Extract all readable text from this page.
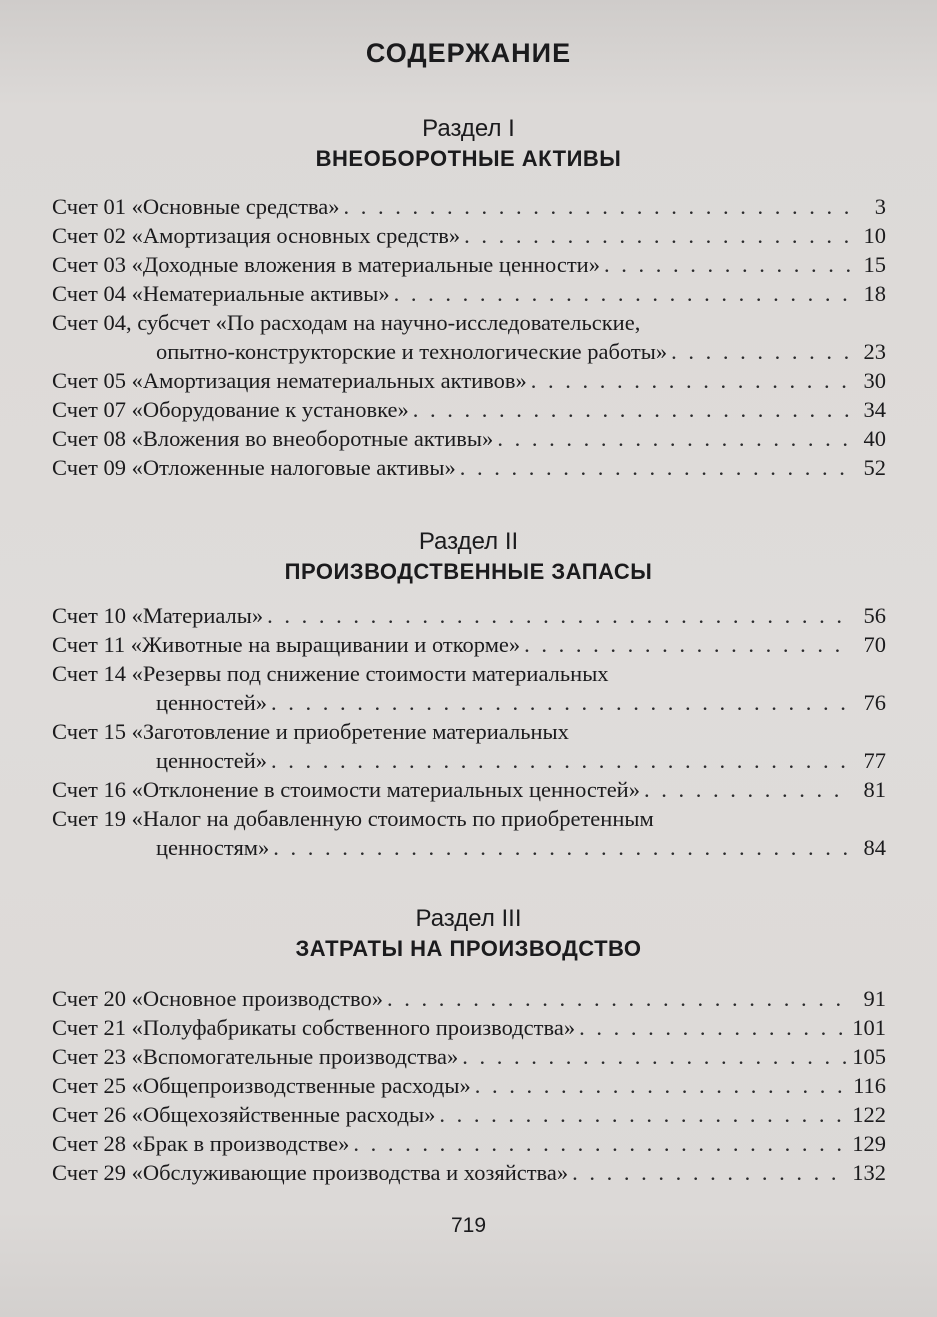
СОДЕРЖАНИЕ
Раздел I
ВНЕОБОРОТНЫЕ АКТИВЫ
Счет 01 «Основные средства» . . .	3
Счет 02 «Амортизация основных средств» . . .	10
Счет 03 «Доходные вложения в материальные ценности» . . .	15
Счет 04 «Нематериальные активы» . . .	18
Счет 04, субсчет «По расходам на научно-исследовательские,
опытно-конструкторские и технологические работы» . . .	23
Счет 05 «Амортизация нематериальных активов» . . .	30
Счет 07 «Оборудование к установке» . . .	34
Счет 08 «Вложения во внеоборотные активы» . . .	40
Счет 09 «Отложенные налоговые активы» . . .	52
Раздел II
ПРОИЗВОДСТВЕННЫЕ ЗАПАСЫ
Счет 10 «Материалы» . . .	56
Счет 11 «Животные на выращивании и откорме» . . .	70
Счет 14 «Резервы под снижение стоимости материальных
ценностей» . . .	76
Счет 15 «Заготовление и приобретение материальных
ценностей» . . .	77
Счет 16 «Отклонение в стоимости материальных ценностей» . . .	81
Счет 19 «Налог на добавленную стоимость по приобретенным
ценностям» . . .	84
Раздел III
ЗАТРАТЫ НА ПРОИЗВОДСТВО
Счет 20 «Основное производство» . . .	91
Счет 21 «Полуфабрикаты собственного производства» . . .	101
Счет 23 «Вспомогательные производства» . . .	105
Счет 25 «Общепроизводственные расходы» . . .	116
Счет 26 «Общехозяйственные расходы» . . .	122
Счет 28 «Брак в производстве» . . .	129
Счет 29 «Обслуживающие производства и хозяйства» . . .	132
719
